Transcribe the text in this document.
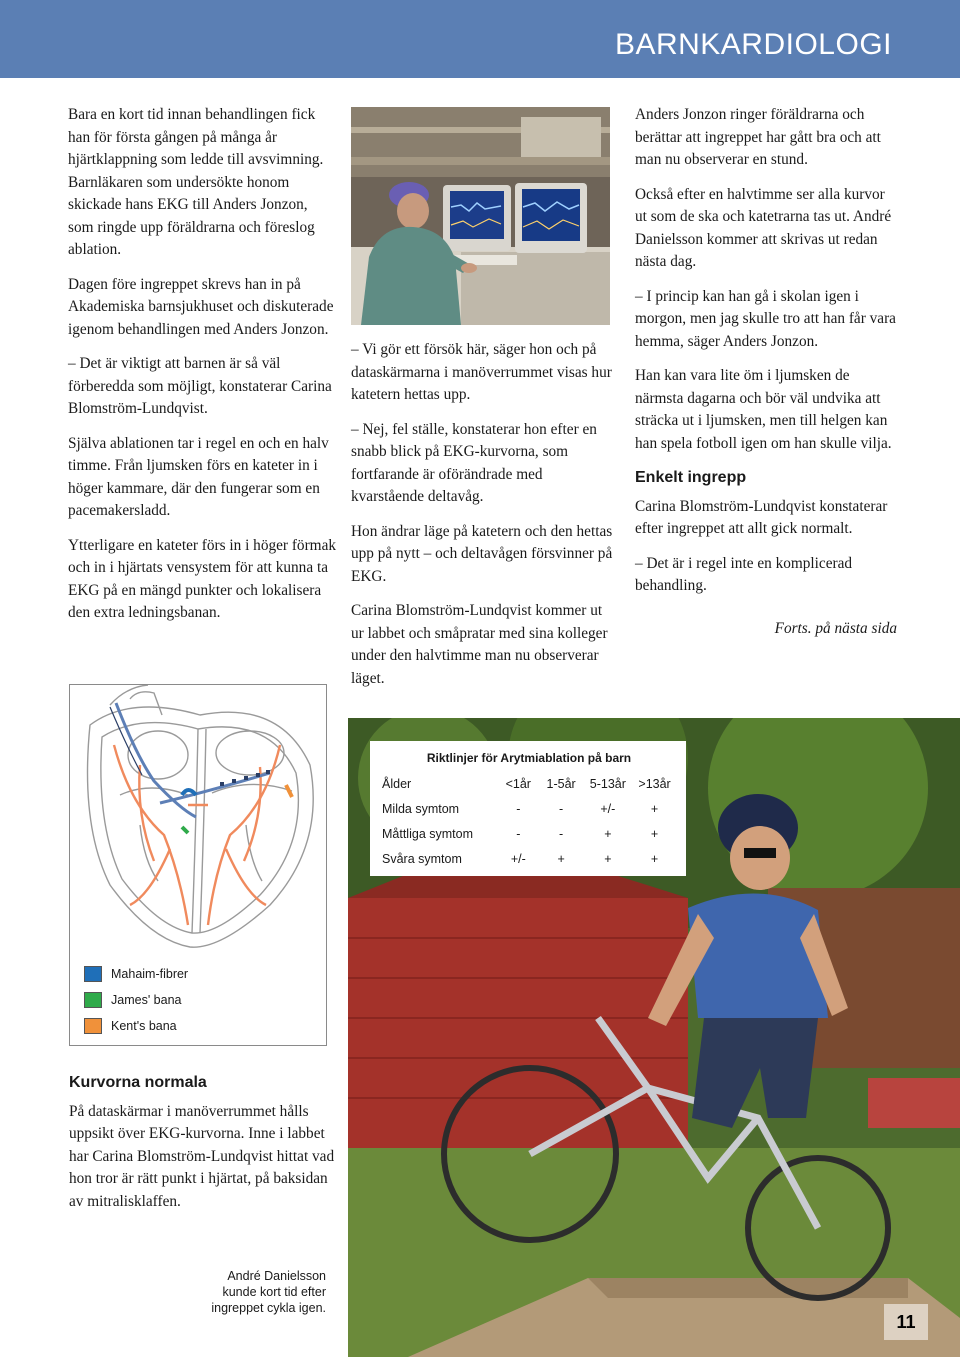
BARNKARDIOLOGI

Bara en kort tid innan behandlingen fick han för första gången på många år hjärtklappning som ledde till avsvimning. Barnläkaren som undersökte honom skickade hans EKG till Anders Jonzon, som ringde upp föräldrarna och föreslog ablation.

Dagen före ingreppet skrevs han in på Akademiska barnsjukhuset och diskuterade igenom behandlingen med Anders Jonzon.

– Det är viktigt att barnen är så väl förberedda som möjligt, konstaterar Carina Blomström-Lundqvist.

Själva ablationen tar i regel en och en halv timme. Från ljumsken förs en kateter in i höger kammare, där den fungerar som en pacemakersladd.

Ytterligare en kateter förs in i höger förmak och in i hjärtats vensystem för att kunna ta EKG på en mängd punkter och lokalisera den extra ledningsbanan.

– Vi gör ett försök här, säger hon och på dataskärmarna i manöverrummet visas hur katetern hettas upp.

– Nej, fel ställe, konstaterar hon efter en snabb blick på EKG-kurvorna, som fortfarande är oförändrade med kvarstående deltavåg.

Hon ändrar läge på katetern och den hettas upp på nytt – och deltavågen försvinner på EKG.

Carina Blomström-Lundqvist kommer ut ur labbet och småpratar med sina kolleger under den halvtimme man nu observerar läget.

Anders Jonzon ringer föräldrarna och berättar att ingreppet har gått bra och att man nu observerar en stund.

Också efter en halvtimme ser alla kurvor ut som de ska och katetrarna tas ut. André Danielsson kommer att skrivas ut redan nästa dag.

– I princip kan han gå i skolan igen i morgon, men jag skulle tro att han får vara hemma, säger Anders Jonzon.

Han kan vara lite öm i ljumsken de närmsta dagarna och bör väl undvika att sträcka ut i ljumsken, men till helgen kan han spela fotboll igen om han skulle vilja.

Enkelt ingrepp

Carina Blomström-Lundqvist konstaterar efter ingreppet att allt gick normalt.

– Det är i regel inte en komplicerad behandling.

Forts. på nästa sida
Mahaim-fibrer
James' bana
Kent's bana
Kurvorna normala

På dataskärmar i manöverrummet hålls uppsikt över EKG-kurvorna. Inne i labbet har Carina Blomström-Lundqvist hittat vad hon tror är rätt punkt i hjärtat, på baksidan av mitralisklaffen.

André Danielsson kunde kort tid efter ingreppet cykla igen.
Riktlinjer för Arytmiablation på barn
Ålder	<1år	1-5år	5-13år	>13år
Milda symtom	-	-	+/-	+
Måttliga symtom	-	-	+	+
Svåra symtom	+/-	+	+	+
11
